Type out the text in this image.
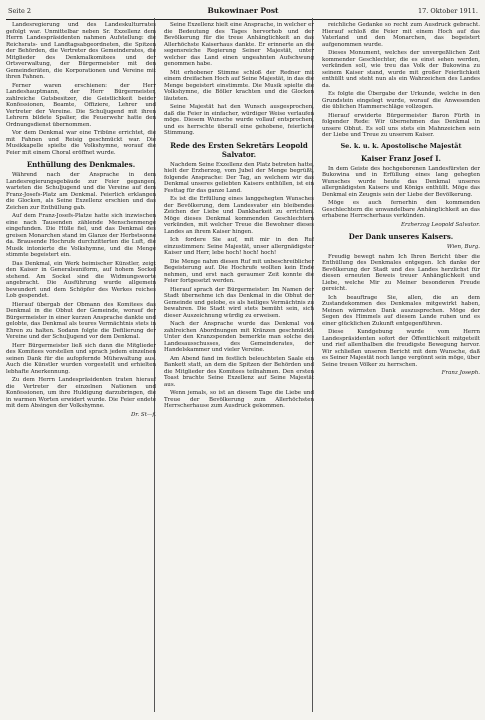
Seite 2	Bukowinaer Post	17. Oktober 1911.

Landesregierung und des Landeskulturrates gefolgt war. Unmittelbar neben Sr. Exzellenz dem Herrn Landespräsidenten nahmen Aufstellung: die Reichsrats- und Landtagsabgeordneten, die Spitzen der Behörden, die Vertreter des Gemeinderates, die Mitglieder des Denkmalkomitees und der Ortsverwaltung, der Bürgermeister mit den Gemeinderäten, die Korporationen und Vereine mit ihren Fahnen.

Ferner waren erschienen: der Herr Landeshauptmann, der Herr Bürgermeister, zahlreiche Gutsbesitzer, die Geistlichkeit beider Konfessionen, Beamte, Offiziere, Lehrer und Vertreter der Vereine. Die Schuljugend mit ihren Lehrern bildete Spalier, die Feuerwehr hatte den Ordnungsdienst übernommen.

Vor dem Denkmal war eine Tribüne errichtet, die mit Fahnen und Reisig geschmückt war. Die Musikkapelle spielte die Volkshymne, worauf die Feier mit einem Choral eröffnet wurde.

Enthüllung des Denkmales.

Während nach der Ansprache in dem Landesregierungsgebäude zur Feier gegangen, warteten die Schuljugend und die Vereine auf dem Franz-Josefs-Platz am Denkmal. Feierlich erklangen die Glocken, als Seine Exzellenz erschien und das Zeichen zur Enthüllung gab.

Auf dem Franz-Josefs-Platze hatte sich inzwischen eine nach Tausenden zählende Menschenmenge eingefunden. Die Hülle fiel, und das Denkmal des greisen Monarchen stand im Glanze der Herbstsonne da. Brausende Hochrufe durchzitterten die Luft, die Musik intonierte die Volkshymne, und die Menge stimmte begeistert ein.

Das Denkmal, ein Werk heimischer Künstler, zeigt den Kaiser in Generalsuniform, auf hohem Sockel stehend. Am Sockel sind die Widmungsworte angebracht. Die Ausführung wurde allgemein bewundert und dem Schöpfer des Werkes reiches Lob gespendet.

Hierauf übergab der Obmann des Komitees das Denkmal in die Obhut der Gemeinde, worauf der Bürgermeister in einer kurzen Ansprache dankte und gelobte, das Denkmal als teures Vermächtnis stets in Ehren zu halten. Sodann folgte die Defilierung der Vereine und der Schuljugend vor dem Denkmal.

Herr Bürgermeister ließ sich dann die Mitglieder des Komitees vorstellen und sprach jedem einzelnen seinen Dank für die aufopfernde Mühewaltung aus. Auch die Künstler wurden vorgestellt und erhielten lebhafte Anerkennung.

Zu dem Herrn Landespräsidenten traten hierauf die Vertreter der einzelnen Nationen und Konfessionen, um ihre Huldigung darzubringen, die in warmen Worten erwidert wurde. Die Feier endete mit dem Absingen der Volkshymne.

Dr. St—f.

Seine Exzellenz hielt eine Ansprache, in welcher er die Bedeutung des Tages hervorhob und der Bevölkerung für die treue Anhänglichkeit an das Allerhöchste Kaiserhaus dankte. Er erinnerte an die segensreiche Regierung Seiner Majestät, unter welcher das Land einen ungeahnten Aufschwung genommen habe.

Mit erhobener Stimme schloß der Redner mit einem dreifachen Hoch auf Seine Majestät, in das die Menge begeistert einstimmte. Die Musik spielte die Volkshymne, die Böller krachten und die Glocken läuteten.

Seine Majestät hat den Wunsch ausgesprochen, daß die Feier in einfacher, würdiger Weise verlaufen möge. Diesem Wunsche wurde vollauf entsprochen, und es herrschte überall eine gehobene, feierliche Stimmung.

Rede des Ersten Sekretärs Leopold Salvator.

Nachdem Seine Exzellenz den Platz betreten hatte, hielt der Erzherzog, vom Jubel der Menge begrüßt, folgende Ansprache: Der Tag, an welchem wir das Denkmal unseres geliebten Kaisers enthüllen, ist ein Festtag für das ganze Land.

Es ist die Erfüllung eines langgehegten Wunsches der Bevölkerung, dem Landesvater ein bleibendes Zeichen der Liebe und Dankbarkeit zu errichten. Möge dieses Denkmal kommenden Geschlechtern verkünden, mit welcher Treue die Bewohner dieses Landes an ihrem Kaiser hingen.

Ich fordere Sie auf, mit mir in den Ruf einzustimmen: Seine Majestät, unser allergnädigster Kaiser und Herr, lebe hoch! hoch! hoch!

Die Menge nahm diesen Ruf mit unbeschreiblicher Begeisterung auf. Die Hochrufe wollten kein Ende nehmen, und erst nach geraumer Zeit konnte die Feier fortgesetzt werden.

Hierauf sprach der Bürgermeister: Im Namen der Stadt übernehme ich das Denkmal in die Obhut der Gemeinde und gelobe, es als heiliges Vermächtnis zu bewahren. Die Stadt wird stets bemüht sein, sich dieser Auszeichnung würdig zu erweisen.

Nach der Ansprache wurde das Denkmal von zahlreichen Abordnungen mit Kränzen geschmückt. Unter den Kranzspenden bemerkte man solche des Landesausschusses, des Gemeinderates, der Handelskammer und vieler Vereine.

Am Abend fand im festlich beleuchteten Saale ein Bankett statt, an dem die Spitzen der Behörden und die Mitglieder des Komitees teilnahmen. Den ersten Toast brachte Seine Exzellenz auf Seine Majestät aus.

Wenn jemals, so ist an diesem Tage die Liebe und Treue der Bevölkerung zum Allerhöchsten Herrscherhause zum Ausdruck gekommen.

reichliche Gedanke so recht zum Ausdruck gebracht. Hierauf schloß die Feier mit einem Hoch auf das Vaterland und den Monarchen, das begeistert aufgenommen wurde.

Dieses Monument, welches der unvergeßlichen Zeit kommender Geschlechter, die es einst sehen werden, verkünden soll, wie treu das Volk der Bukowina zu seinem Kaiser stand, wurde mit großer Feierlichkeit enthüllt und steht nun als ein Wahrzeichen des Landes da.

Es folgte die Übergabe der Urkunde, welche in den Grundstein eingelegt wurde, worauf die Anwesenden die üblichen Hammerschläge vollzogen.

Hierauf erwiderte Bürgermeister Baron Fürth in folgender Rede: Wir übernehmen das Denkmal in unsere Obhut. Es soll uns stets ein Mahnzeichen sein der Liebe und Treue zu unserem Kaiser.

Se. k. u. k. Apostolische Majestät
Kaiser Franz Josef I.

In dem Geiste des hochgeborenen Landesfürsten der Bukowina und in Erfüllung eines lang gehegten Wunsches wurde heute das Denkmal unseres allergnädigsten Kaisers und Königs enthüllt. Möge das Denkmal ein Zeugnis sein der Liebe der Bevölkerung.

Möge es auch fernerhin den kommenden Geschlechtern die unwandelbare Anhänglichkeit an das erhabene Herrscherhaus verkünden.

Erzherzog Leopold Salvator.
Der Dank unseres Kaisers.

Wien, Burg.

Freudig bewegt nahm Ich Ihren Bericht über die Enthüllung des Denkmales entgegen. Ich danke der Bevölkerung der Stadt und des Landes herzlichst für diesen erneuten Beweis treuer Anhänglichkeit und Liebe, welche Mir zu Meiner besonderen Freude gereicht.

Ich beauftrage Sie, allen, die an dem Zustandekommen des Denkmales mitgewirkt haben, Meinen wärmsten Dank auszusprechen. Möge der Segen des Himmels auf diesem Lande ruhen und es einer glücklichen Zukunft entgegenführen.

Diese Kundgebung wurde vom Herrn Landespräsidenten sofort der Öffentlichkeit mitgeteilt und rief allenthalben die freudigste Bewegung hervor. Wir schließen unseren Bericht mit dem Wunsche, daß es Seiner Majestät noch lange vergönnt sein möge, über Seine treuen Völker zu herrschen.

Franz Joseph.
